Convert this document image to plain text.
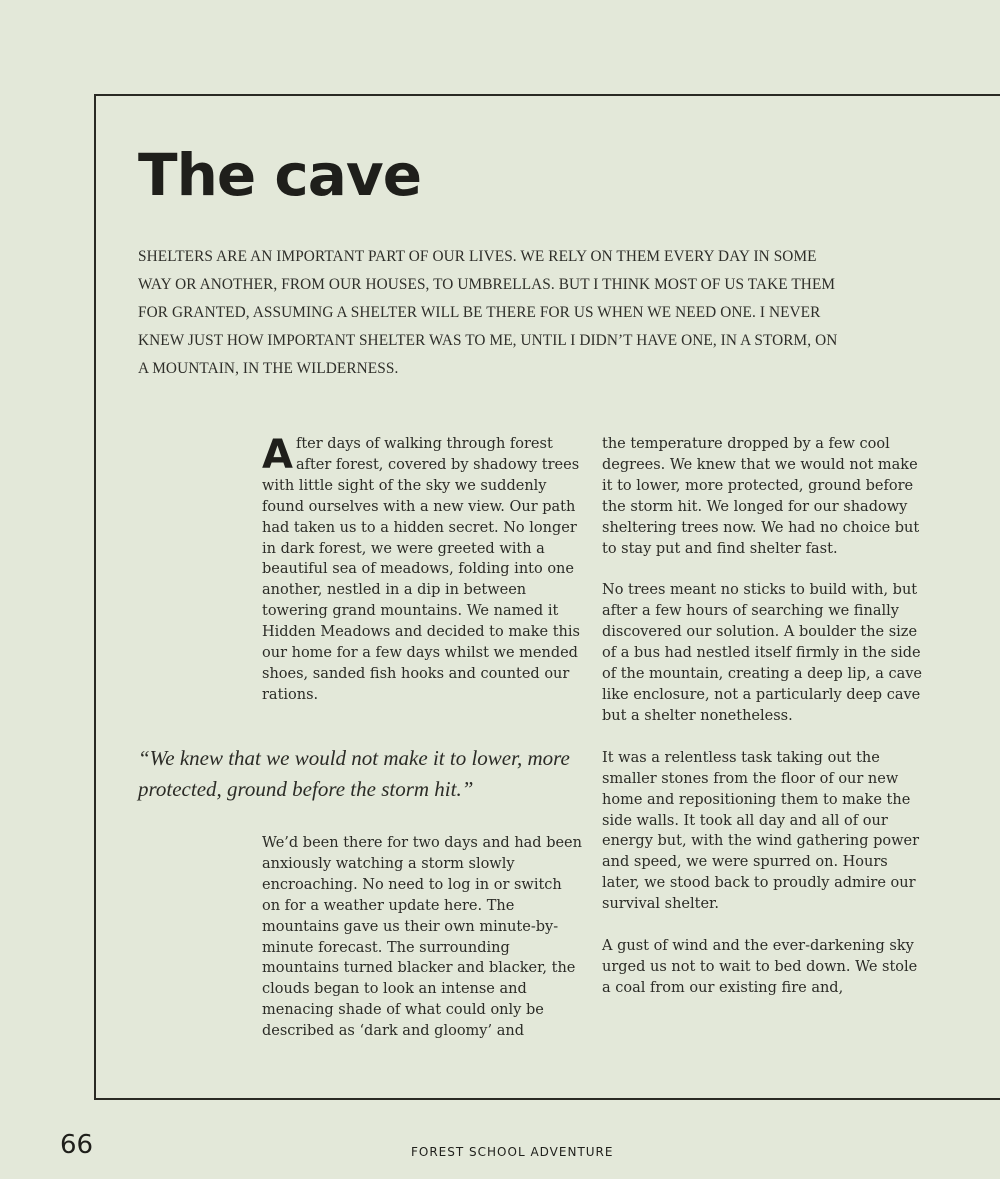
The cave

SHELTERS ARE AN IMPORTANT PART OF OUR LIVES. WE RELY ON THEM EVERY DAY IN SOME WAY OR ANOTHER, FROM OUR HOUSES, TO UMBRELLAS. BUT I THINK MOST OF US TAKE THEM FOR GRANTED, ASSUMING A SHELTER WILL BE THERE FOR US WHEN WE NEED ONE. I NEVER KNEW JUST HOW IMPORTANT SHELTER WAS TO ME, UNTIL I DIDN’T HAVE ONE, IN A STORM, ON A MOUNTAIN, IN THE WILDERNESS.

After days of walking through forest after forest, covered by shadowy trees with little sight of the sky we suddenly found ourselves with a new view. Our path had taken us to a hidden secret. No longer in dark forest, we were greeted with a beautiful sea of meadows, folding into one another, nestled in a dip in between towering grand mountains. We named it Hidden Meadows and decided to make this our home for a few days whilst we mended shoes, sanded fish hooks and counted our rations.

“We knew that we would not make it to lower, more protected, ground before the storm hit.”

We’d been there for two days and had been anxiously watching a storm slowly encroaching. No need to log in or switch on for a weather update here. The mountains gave us their own minute-by-minute forecast. The surrounding mountains turned blacker and blacker, the clouds began to look an intense and menacing shade of what could only be described as ‘dark and gloomy’ and

the temperature dropped by a few cool degrees. We knew that we would not make it to lower, more protected, ground before the storm hit. We longed for our shadowy sheltering trees now. We had no choice but to stay put and find shelter fast.

No trees meant no sticks to build with, but after a few hours of searching we finally discovered our solution. A boulder the size of a bus had nestled itself firmly in the side of the mountain, creating a deep lip, a cave like enclosure, not a particularly deep cave but a shelter nonetheless.

It was a relentless task taking out the smaller stones from the floor of our new home and repositioning them to make the side walls. It took all day and all of our energy but, with the wind gathering power and speed, we were spurred on. Hours later, we stood back to proudly admire our survival shelter.

A gust of wind and the ever-darkening sky urged us not to wait to bed down. We stole a coal from our existing fire and,

66	FOREST SCHOOL ADVENTURE
